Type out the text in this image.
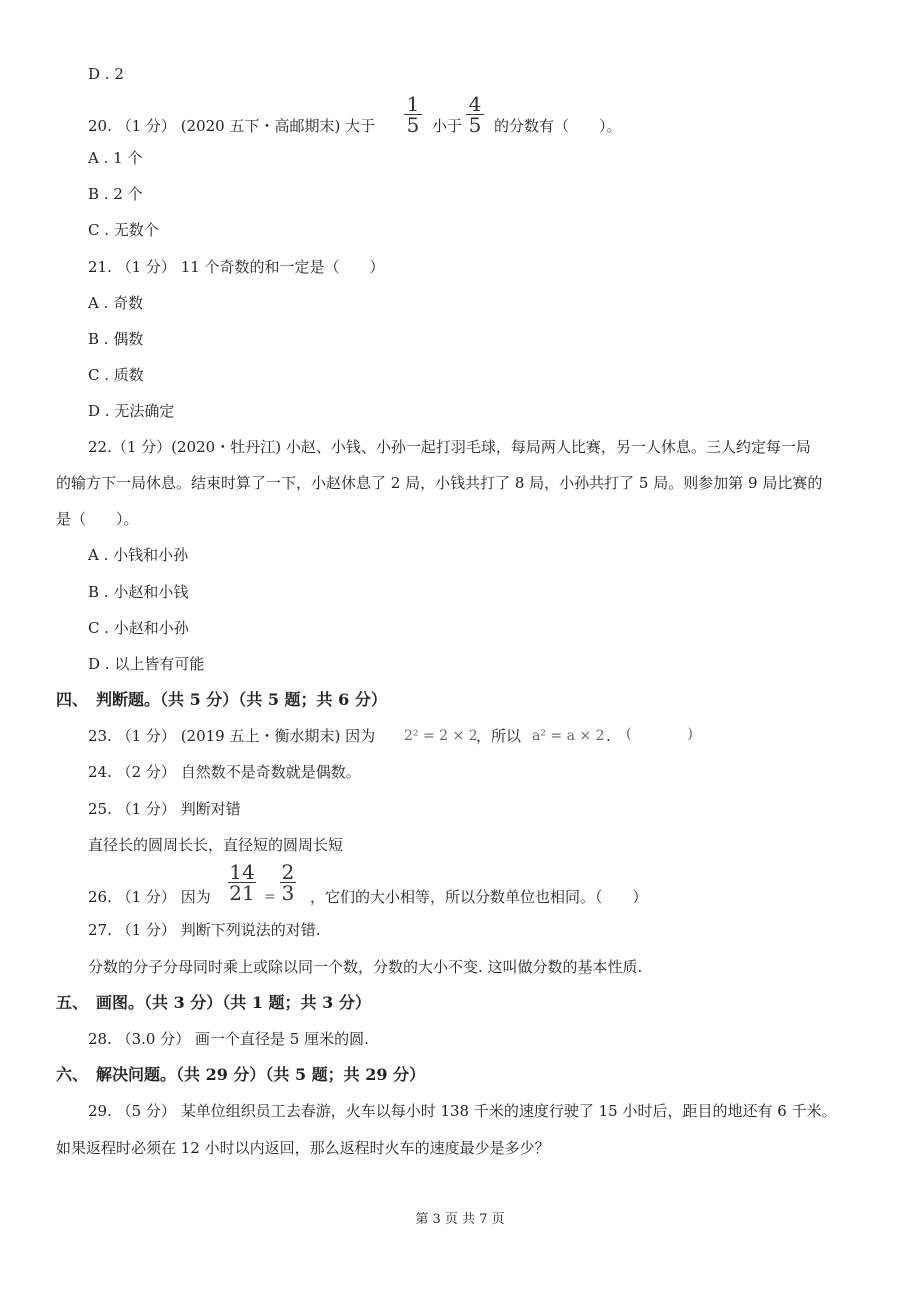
D . 2
20. （1 分） (2020 五下・高邮期末) 大于
1
5 小于
4
5 的分数有（　　）。
A . 1 个
B . 2 个
C . 无数个
21. （1 分） 11 个奇数的和一定是（　　）
A . 奇数
B . 偶数
C . 质数
D . 无法确定
22.（1 分）(2020・牡丹江) 小赵、小钱、小孙一起打羽毛球，每局两人比赛，另一人休息。三人约定每一局
的输方下一局休息。结束时算了一下，小赵休息了 2 局，小钱共打了 8 局，小孙共打了 5 局。则参加第 9 局比赛的
是（　　）。
A . 小钱和小孙
B . 小赵和小钱
C . 小赵和小孙
D . 以上皆有可能
四、　判断题。（共 5 分）（共 5 题；共 6 分）
23. （1 分） (2019 五上・衡水期末) 因为 2² = 2 × 2
，所以 a² = a × 2 . (　　　　)
24. （2 分） 自然数不是奇数就是偶数。
25. （1 分） 判断对错
直径长的圆周长长，直径短的圆周长短
26. （1 分） 因为
14
21 =
2
3 ，它们的大小相等，所以分数单位也相同。（　　）
27. （1 分） 判断下列说法的对错.
分数的分子分母同时乘上或除以同一个数，分数的大小不变. 这叫做分数的基本性质.
五、　画图。（共 3 分）（共 1 题；共 3 分）
28. （3.0 分） 画一个直径是 5 厘米的圆.
六、　解决问题。（共 29 分）（共 5 题；共 29 分）
29. （5 分） 某单位组织员工去春游，火车以每小时 138 千米的速度行驶了 15 小时后，距目的地还有 6 千米。
如果返程时必须在 12 小时以内返回，那么返程时火车的速度最少是多少？
第 3 页 共 7 页
